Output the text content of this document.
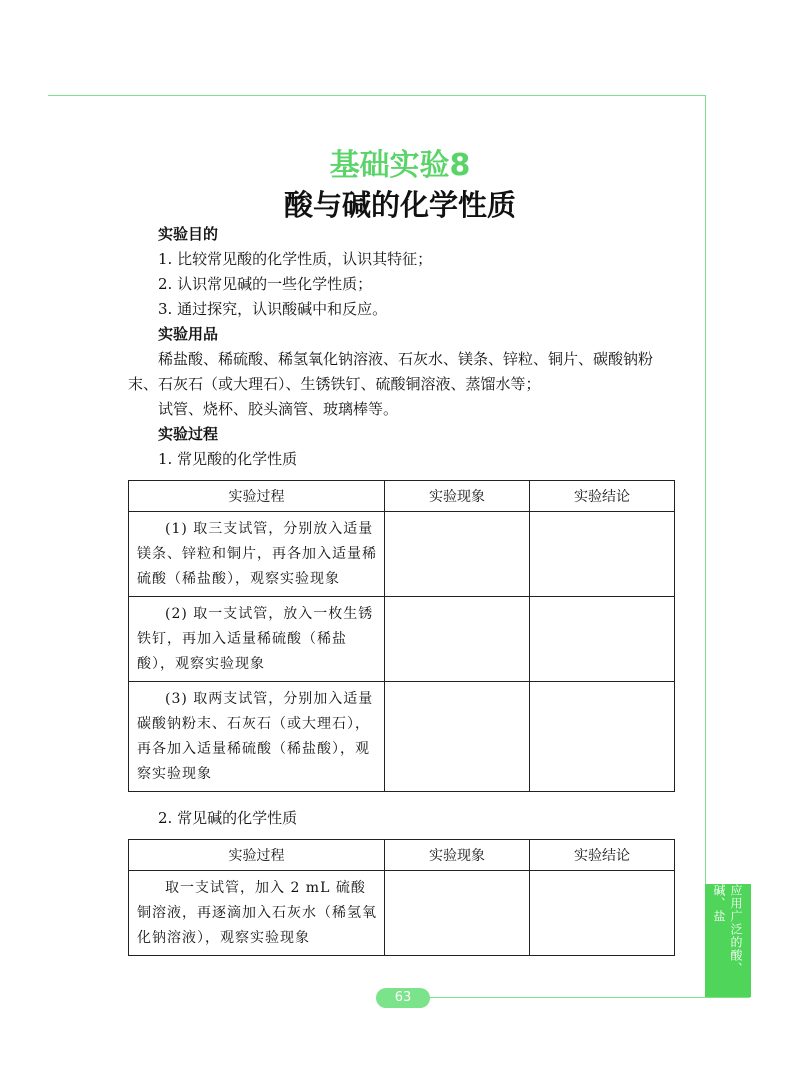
应用广泛的酸、碱、盐
63
基础实验8
酸与碱的化学性质
实验目的
1. 比较常见酸的化学性质，认识其特征；
2. 认识常见碱的一些化学性质；
3. 通过探究，认识酸碱中和反应。
实验用品
稀盐酸、稀硫酸、稀氢氧化钠溶液、石灰水、镁条、锌粒、铜片、碳酸钠粉末、石灰石（或大理石）、生锈铁钉、硫酸铜溶液、蒸馏水等；
试管、烧杯、胶头滴管、玻璃棒等。
实验过程
1. 常见酸的化学性质
实验过程	实验现象	实验结论
(1) 取三支试管，分别放入适量镁条、锌粒和铜片，再各加入适量稀硫酸（稀盐酸），观察实验现象		
(2) 取一支试管，放入一枚生锈铁钉，再加入适量稀硫酸（稀盐酸），观察实验现象		
(3) 取两支试管，分别加入适量碳酸钠粉末、石灰石（或大理石），再各加入适量稀硫酸（稀盐酸），观察实验现象		
2. 常见碱的化学性质
实验过程	实验现象	实验结论
取一支试管，加入 2 mL 硫酸铜溶液，再逐滴加入石灰水（稀氢氧化钠溶液），观察实验现象		
